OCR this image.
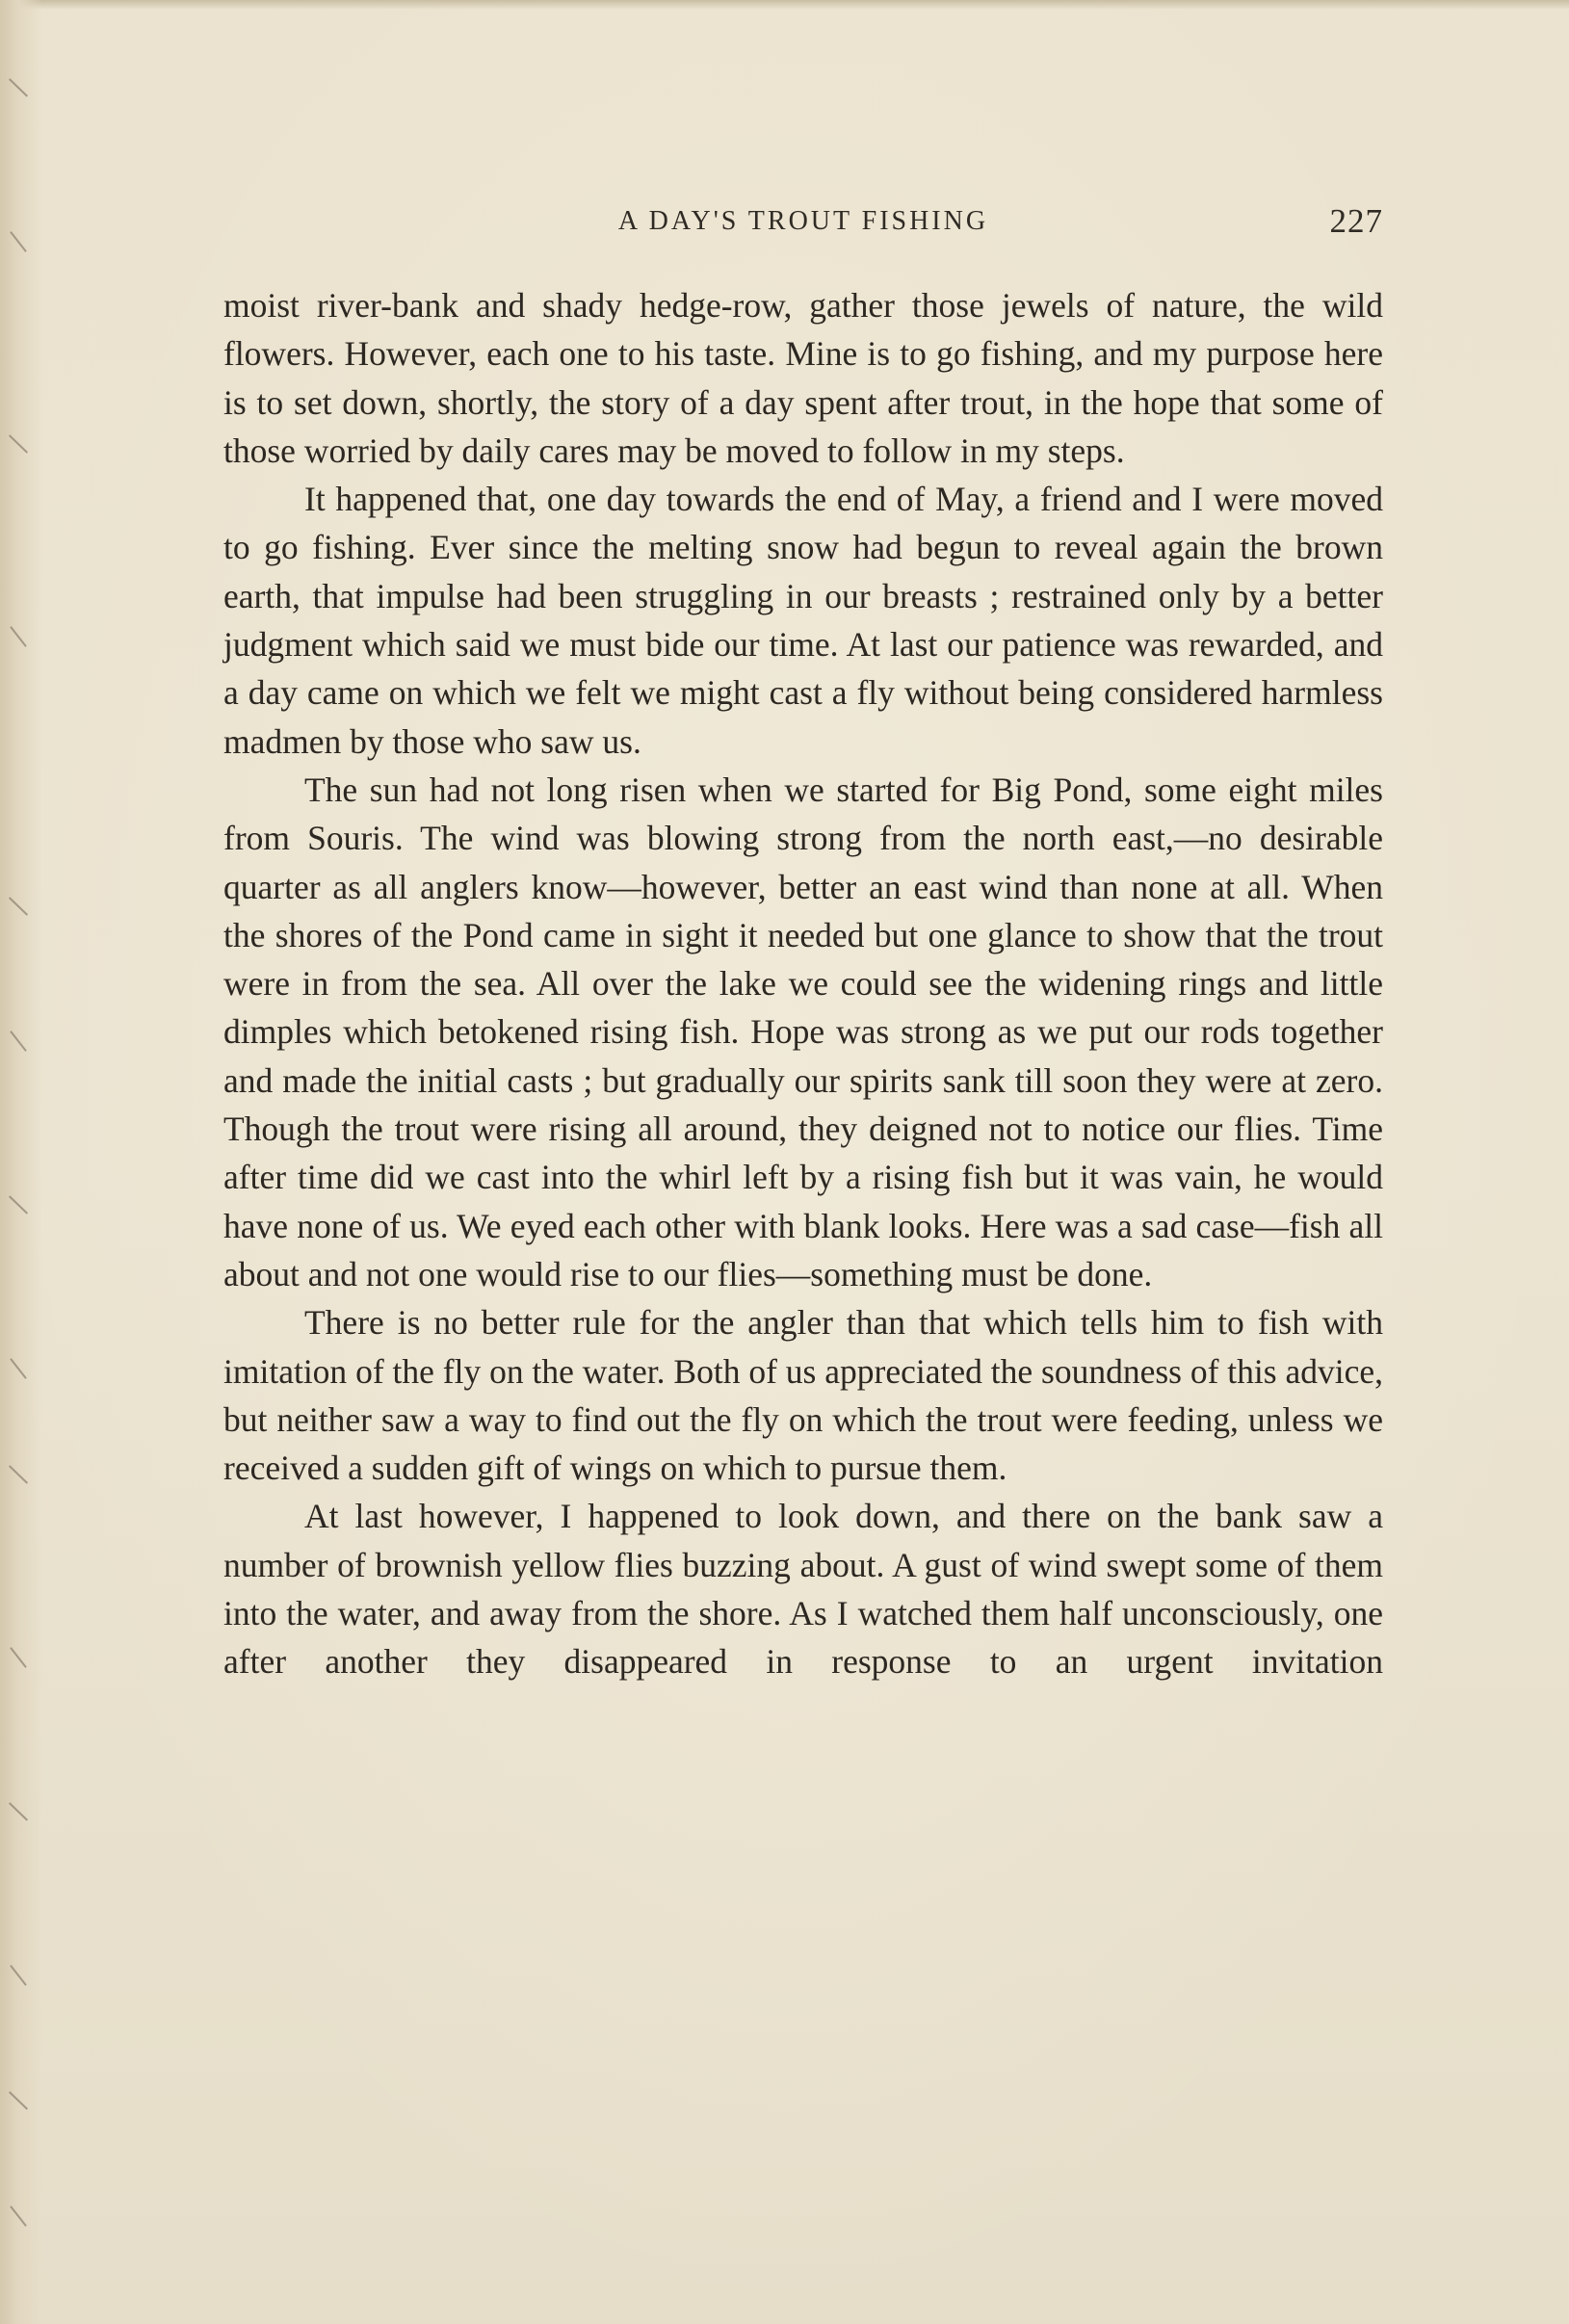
A DAY'S TROUT FISHING	227

moist river-bank and shady hedge-row, gather those jewels of nature, the wild flowers. However, each one to his taste. Mine is to go fishing, and my purpose here is to set down, shortly, the story of a day spent after trout, in the hope that some of those worried by daily cares may be moved to follow in my steps.

It happened that, one day towards the end of May, a friend and I were moved to go fishing. Ever since the melting snow had begun to reveal again the brown earth, that impulse had been struggling in our breasts ; restrained only by a better judgment which said we must bide our time. At last our patience was rewarded, and a day came on which we felt we might cast a fly without being considered harmless madmen by those who saw us.

The sun had not long risen when we started for Big Pond, some eight miles from Souris. The wind was blowing strong from the north east,—no desirable quarter as all anglers know—however, better an east wind than none at all. When the shores of the Pond came in sight it needed but one glance to show that the trout were in from the sea. All over the lake we could see the widening rings and little dimples which betokened rising fish. Hope was strong as we put our rods together and made the initial casts ; but gradually our spirits sank till soon they were at zero. Though the trout were rising all around, they deigned not to notice our flies. Time after time did we cast into the whirl left by a rising fish but it was vain, he would have none of us. We eyed each other with blank looks. Here was a sad case—fish all about and not one would rise to our flies—something must be done.

There is no better rule for the angler than that which tells him to fish with imitation of the fly on the water. Both of us appreciated the soundness of this advice, but neither saw a way to find out the fly on which the trout were feeding, unless we received a sudden gift of wings on which to pursue them.

At last however, I happened to look down, and there on the bank saw a number of brownish yellow flies buzzing about. A gust of wind swept some of them into the water, and away from the shore. As I watched them half unconsciously, one after another they disappeared in response to an urgent invitation
